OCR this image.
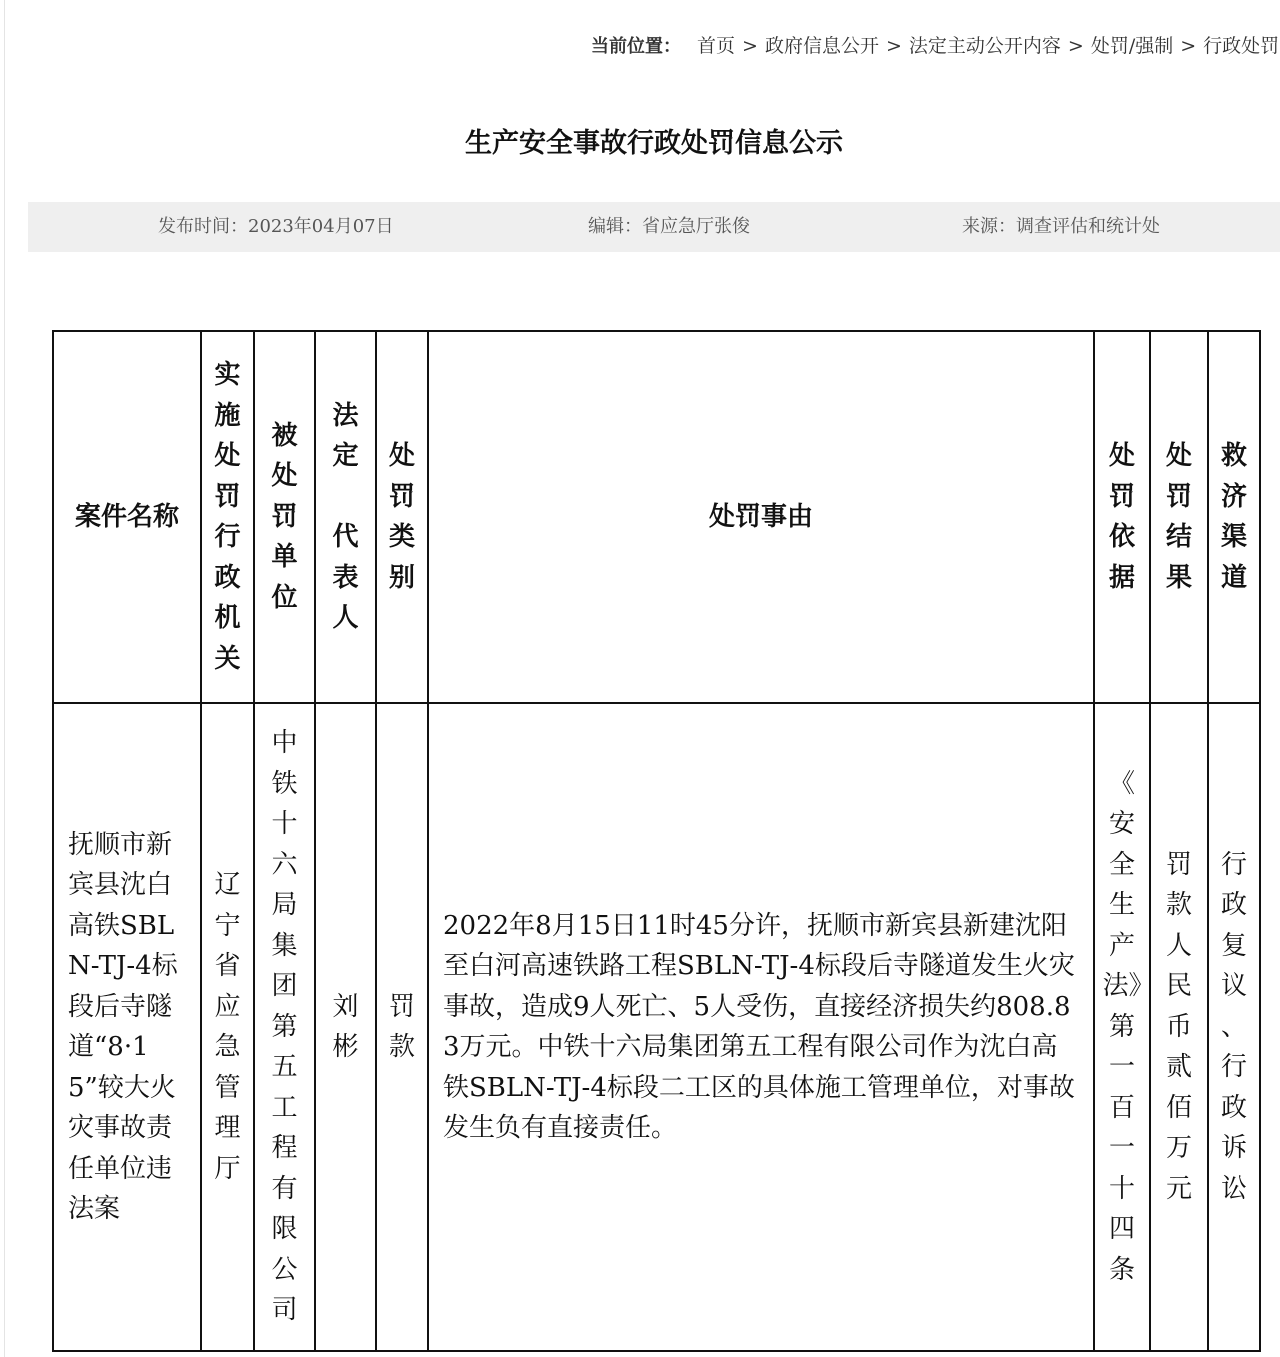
当前位置： 首页 > 政府信息公开 > 法定主动公开内容 > 处罚/强制 > 行政处罚
生产安全事故行政处罚信息公示
发布时间：2023年04月07日	编辑：省应急厅张俊	来源：调查评估和统计处
案件名称	实施处罚行政机关	被处罚单位	法定 代表人	处罚类别	处罚事由	处罚依据	处罚结果	救济渠道
抚顺市新宾县沈白高铁SBLN-TJ-4标段后寺隧道“8·15”较大火灾事故责任单位违法案	辽宁省应急管理厅	中铁十六局集团第五工程有限公司	刘彬	罚款	2022年8月15日11时45分许，抚顺市新宾县新建沈阳至白河高速铁路工程SBLN-TJ-4标段后寺隧道发生火灾事故，造成9人死亡、5人受伤，直接经济损失约808.83万元。中铁十六局集团第五工程有限公司作为沈白高铁SBLN-TJ-4标段二工区的具体施工管理单位，对事故发生负有直接责任。	《安全生产法》第一百一十四条	罚款人民币贰佰万元	行政复议、行政诉讼
